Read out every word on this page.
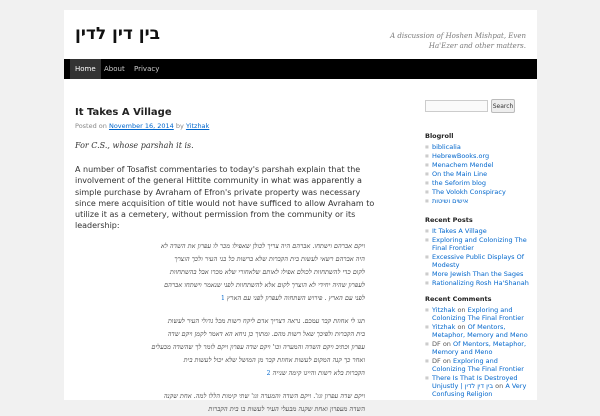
בין דין לדין	A discussion of Hoshen Mishpat, Even Ha'Ezer and other matters.
Home	About	Privacy
It Takes A Village
Posted on November 16, 2014 by Yitzhak
For C.S., whose parshah it is.
A number of Tosafist commentaries to today's parshah explain that the involvement of the general Hittite community in what was apparently a simple purchase by Avraham of Efron's private property was necessary since mere acquisition of title would not have sufficed to allow Avraham to utilize it as a cemetery, without permission from the community or its leadership:
ויקם אברהם וישתחו. אברהם היה צריך לכולן שאפילו מכר לו עפרון את השדה לא
היה אברהם רשאי לעשות בית הקברות שלא ברשות כל בני העיר ולכך הוצרך
לקום כדי להשתחוות לכולם אפילו לאותם שלאחורי שלא מכרו אבל בהשתחוות
לעפרון שהיה יחידי לא הוצרך לקום אלא להשתחוות לפני שנאמר וישתחו אברהם
לפני עם הארץ . פירוש השתחוה לעפרון לפני עם הארץ 1
תנו לי אחוזת קבר עמכם. נראה דצריך אדם ליקח רשות מכל גדולי העיר לעשות
בית הקברות ולפיכך שאל רשות מהם. ומתוך כן ניחא הא דאמר לקמן ויקם שדה
עפרון וכתיב ויקם השדה והמערה וכו' ויקם שדה עפרון ויקם לומר לך שהשדה מבעלים
ואחר כך קנה המקום לעשות אחוזת קבר מן המושל שלא יכול לעשות בית
הקברות בלא רשות והיינו קימה שנייה 2
ויקם שדה עפרון וגו'. ויקם השדה והמערה וגו' שתי קימות הללו למה. אחת שקנה
השדה מעפרון ואחת שקנה מבעלי העיר לעשות בו בית הקברות
Search
Blogroll
■ biblicalia
■ HebrewBooks.org
■ Menachem Mendel
■ On the Main Line
■ the Seforim blog
■ The Volokh Conspiracy
■ אישים ושיטות
Recent Posts
■ It Takes A Village
■ Exploring and Colonizing The Final Frontier
■ Excessive Public Displays Of Modesty
■ More Jewish Than the Sages
■ Rationalizing Rosh Ha'Shanah
Recent Comments
■ Yitzhak on Exploring and Colonizing The Final Frontier
■ Yitzhak on Of Mentors, Metaphor, Memory and Meno
■ DF on Of Mentors, Metaphor, Memory and Meno
■ DF on Exploring and Colonizing The Final Frontier
■ There Is That Is Destroyed Unjustly | בין דין לדין on A Very Confusing Religion
